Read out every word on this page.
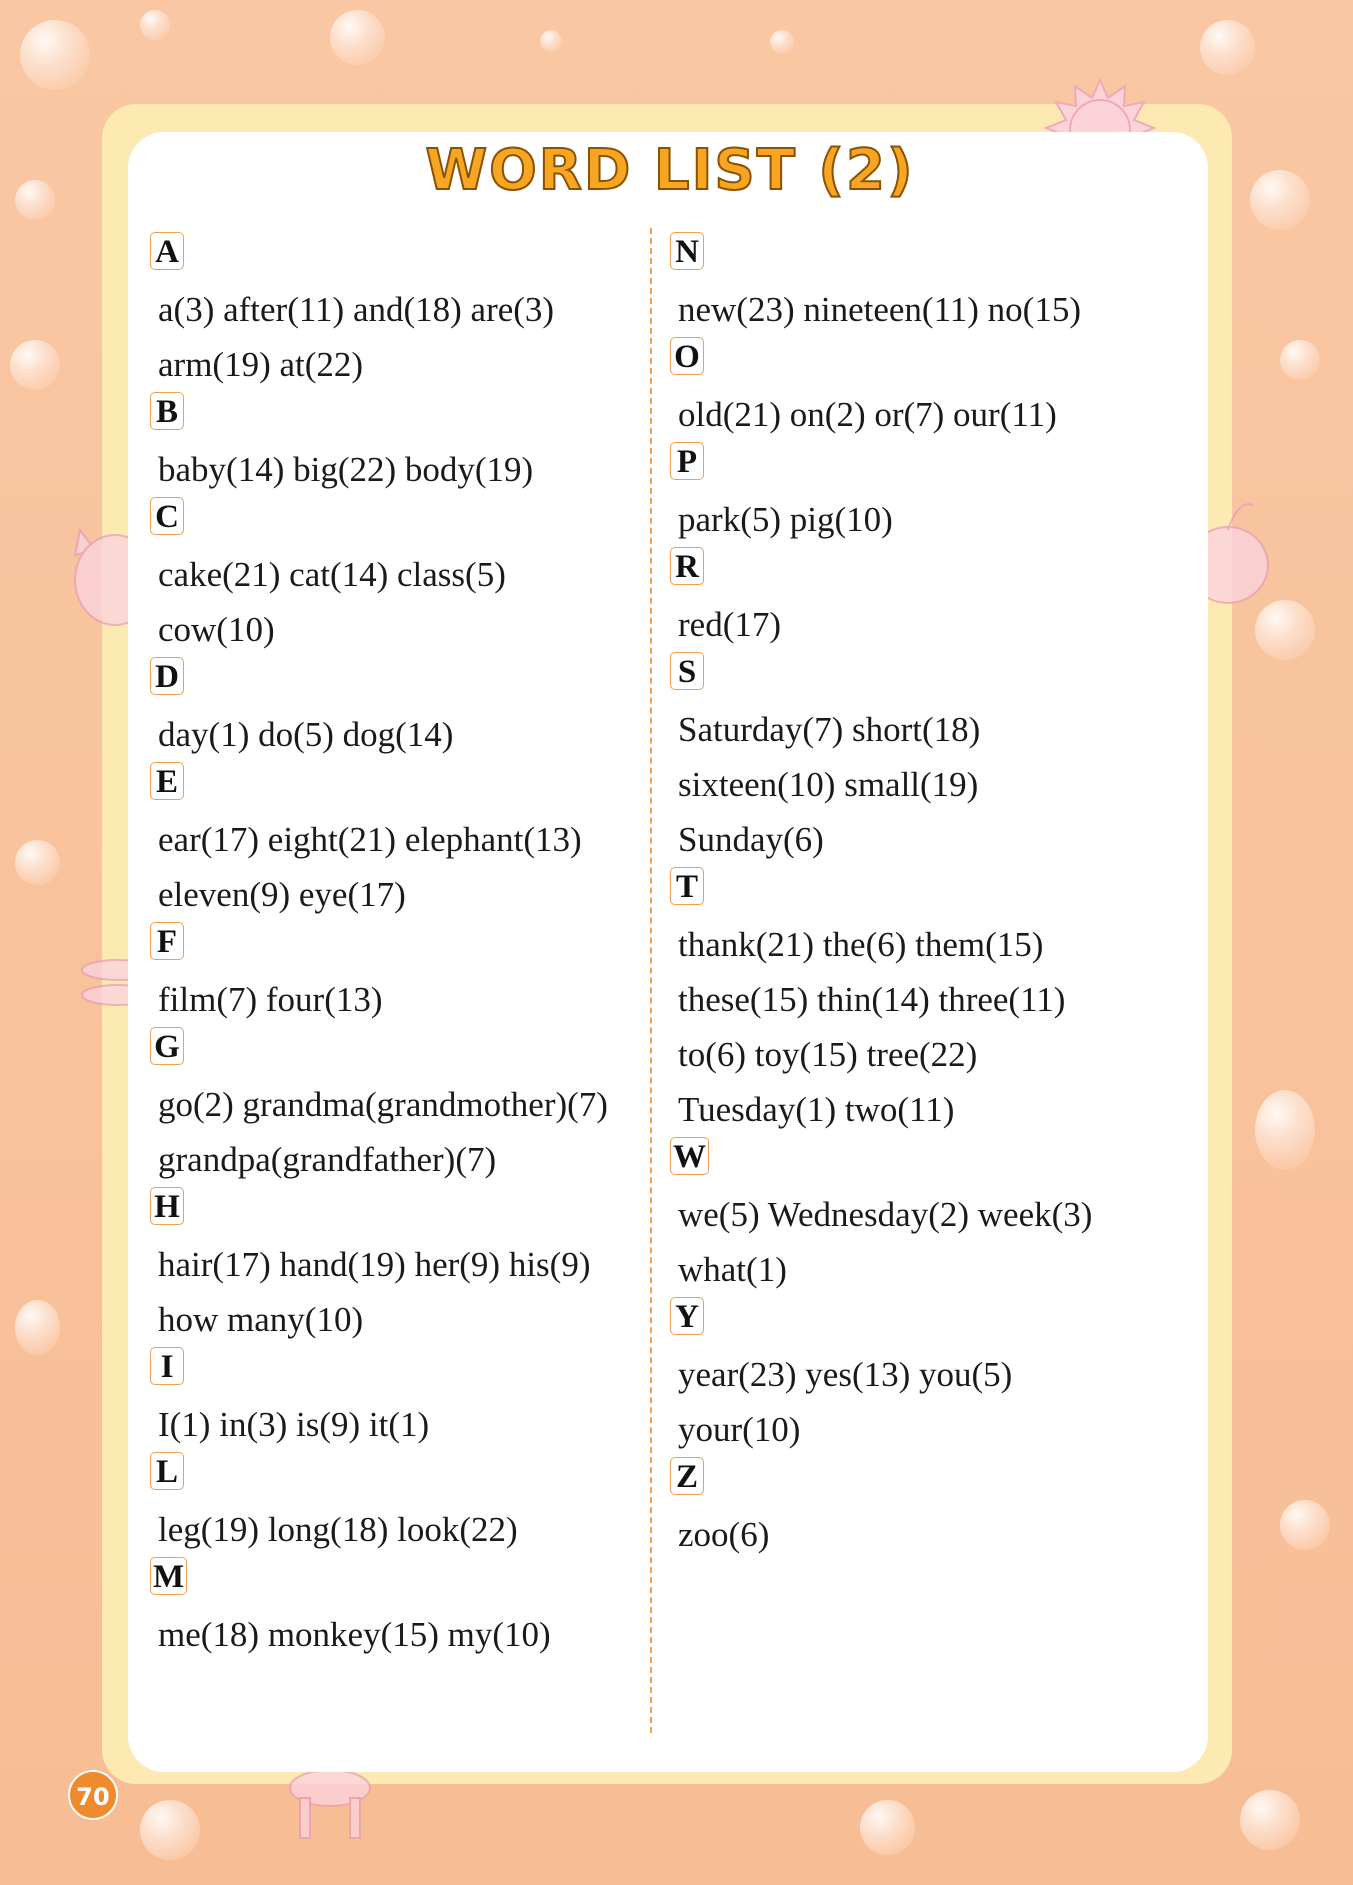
WORD LIST (2)
A
a(3) after(11) and(18) are(3)
arm(19) at(22)
B
baby(14) big(22) body(19)
C
cake(21) cat(14) class(5)
cow(10)
D
day(1) do(5) dog(14)
E
ear(17) eight(21) elephant(13)
eleven(9) eye(17)
F
film(7) four(13)
G
go(2) grandma(grandmother)(7)
grandpa(grandfather)(7)
H
hair(17) hand(19) her(9) his(9)
how many(10)
I
I(1) in(3) is(9) it(1)
L
leg(19) long(18) look(22)
M
me(18) monkey(15) my(10)
N
new(23) nineteen(11) no(15)
O
old(21) on(2) or(7) our(11)
P
park(5) pig(10)
R
red(17)
S
Saturday(7) short(18)
sixteen(10) small(19)
Sunday(6)
T
thank(21) the(6) them(15)
these(15) thin(14) three(11)
to(6) toy(15) tree(22)
Tuesday(1) two(11)
W
we(5) Wednesday(2) week(3)
what(1)
Y
year(23) yes(13) you(5)
your(10)
Z
zoo(6)
70
